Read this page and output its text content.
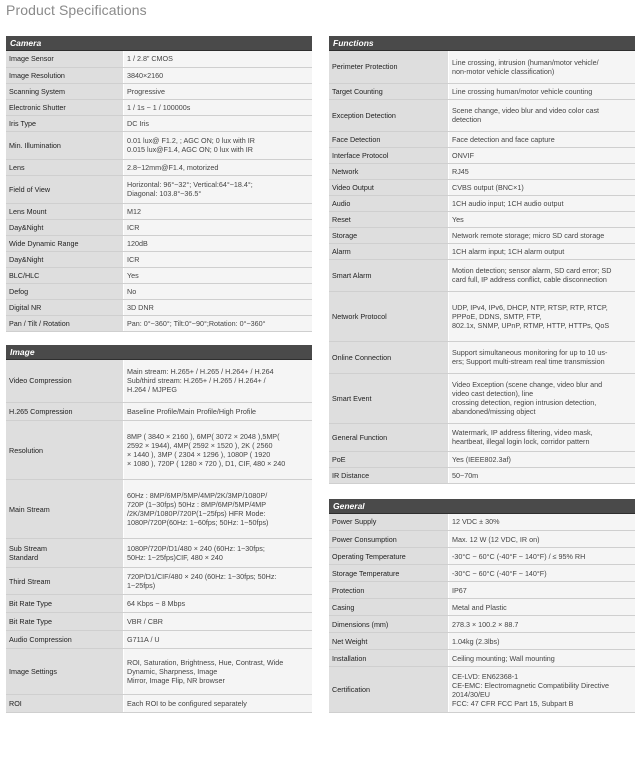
Product Specifications
Camera
Image Sensor	1 / 2.8” CMOS
Image Resolution	3840×2160
Scanning System	Progressive
Electronic Shutter	1 / 1s ~ 1 / 100000s
Iris Type	DC Iris
Min. Illumination	0.01 lux@ F1.2, ; AGC ON; 0 lux with IR
0.015 lux@F1.4, AGC ON; 0 lux with IR
Lens	2.8~12mm@F1.4, motorized
Field of View	Horizontal: 96°~32°; Vertical:64°~18.4°;
Diagonal: 103.8°~36.5°
Lens Mount	M12
Day&Night	ICR
Wide Dynamic Range	120dB
Day&Night	ICR
BLC/HLC	Yes
Defog	No
Digital NR	3D DNR
Pan / Tilt / Rotation	Pan: 0°~360°; Tilt:0°~90°;Rotation: 0°~360°
Image
Video Compression	Main stream: H.265+ / H.265 / H.264+ / H.264
Sub/third stream: H.265+ / H.265 / H.264+ /
H.264 / MJPEG
H.265 Compression	Baseline Profile/Main Profile/High Profile
Resolution	8MP ( 3840 × 2160 ), 6MP( 3072 × 2048 ),5MP(
2592 × 1944), 4MP( 2592 × 1520 ), 2K ( 2560
× 1440 ), 3MP ( 2304 × 1296 ), 1080P ( 1920
× 1080 ), 720P ( 1280 × 720 ), D1, CIF, 480 × 240
Main Stream	60Hz : 8MP/6MP/5MP/4MP/2K/3MP/1080P/
720P (1~30fps) 50Hz : 8MP/6MP/5MP/4MP
/2K/3MP/1080P/720P(1~25fps) HFR Mode:
1080P/720P(60Hz: 1~60fps; 50Hz: 1~50fps)
Sub Stream
Standard	1080P/720P/D1/480 × 240 (60Hz: 1~30fps;
50Hz: 1~25fps)CIF, 480 × 240
Third Stream	720P/D1/CIF/480 × 240 (60Hz: 1~30fps; 50Hz:
1~25fps)
Bit Rate Type	64 Kbps ~ 8 Mbps
Bit Rate Type	VBR / CBR
Audio Compression	G711A / U
Image Settings	ROI, Saturation, Brightness, Hue, Contrast, Wide
Dynamic, Sharpness, Image
Mirror, Image Flip, NR browser
ROI	Each ROI to be configured separately
Functions
Perimeter Protection	Line crossing, intrusion (human/motor vehicle/
non-motor vehicle classification)
Target Counting	Line crossing human/motor vehicle counting
Exception Detection	Scene change, video blur and video color cast
detection
Face Detection	Face detection and face capture
Interface Protocol	ONVIF
Network	RJ45
Video Output	CVBS output (BNC×1)
Audio	1CH audio input; 1CH audio output
Reset	Yes
Storage	Network remote storage; micro SD card storage
Alarm	1CH alarm input; 1CH alarm output
Smart Alarm	Motion detection; sensor alarm, SD card error; SD
card full, IP address conflict, cable disconnection
Network Protocol	UDP, IPv4, IPv6, DHCP, NTP, RTSP, RTP, RTCP,
PPPoE, DDNS, SMTP, FTP,
802.1x, SNMP, UPnP, RTMP, HTTP, HTTPs, QoS
Online Connection	Support simultaneous monitoring for up to 10 us-
ers; Support multi-stream real time transmission
Smart Event	Video Exception (scene change, video blur and
video cast detection), line
crossing detection, region intrusion detection,
abandoned/missing object
General Function	Watermark, IP address filtering, video mask,
heartbeat, illegal login lock, corridor pattern
PoE	Yes (IEEE802.3af)
IR Distance	50~70m
General
Power Supply	12 VDC ± 30%
Power Consumption	Max. 12 W (12 VDC, IR on)
Operating Temperature	-30°C ~ 60°C (-40°F ~ 140°F) / ≤ 95% RH
Storage Temperature	-30°C ~ 60°C (-40°F ~ 140°F)
Protection	IP67
Casing	Metal and Plastic
Dimensions (mm)	278.3 × 100.2 × 88.7
Net Weight	1.04kg (2.3lbs)
Installation	Ceiling mounting; Wall mounting
Certification	CE-LVD: EN62368-1
CE-EMC: Electromagnetic Compatibility Directive
2014/30/EU
FCC: 47 CFR FCC Part 15, Subpart B
